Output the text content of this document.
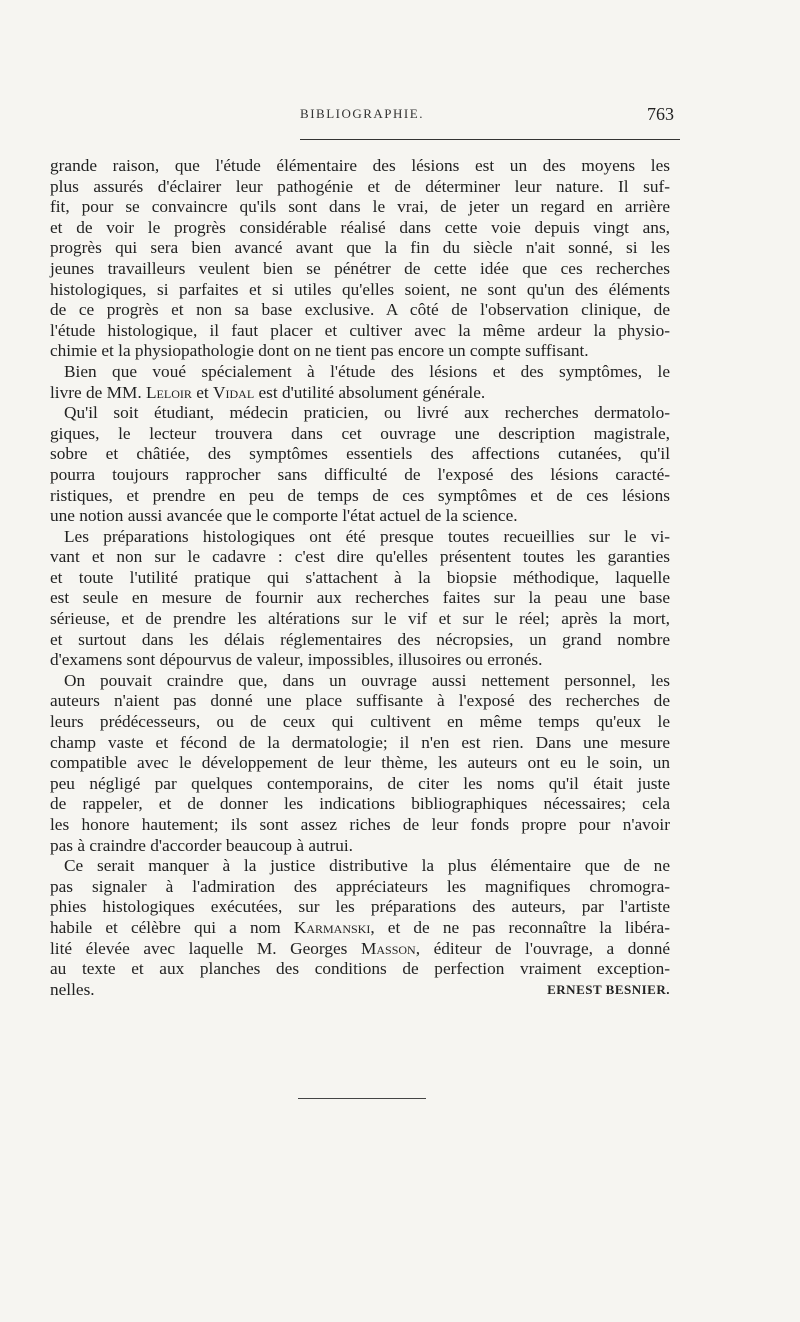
BIBLIOGRAPHIE.	763
grande raison, que l'étude élémentaire des lésions est un des moyens les
plus assurés d'éclairer leur pathogénie et de déterminer leur nature. Il suf-
fit, pour se convaincre qu'ils sont dans le vrai, de jeter un regard en arrière
et de voir le progrès considérable réalisé dans cette voie depuis vingt ans,
progrès qui sera bien avancé avant que la fin du siècle n'ait sonné, si les
jeunes travailleurs veulent bien se pénétrer de cette idée que ces recherches
histologiques, si parfaites et si utiles qu'elles soient, ne sont qu'un des éléments
de ce progrès et non sa base exclusive. A côté de l'observation clinique, de
l'étude histologique, il faut placer et cultiver avec la même ardeur la physio-
chimie et la physiopathologie dont on ne tient pas encore un compte suffisant.
Bien que voué spécialement à l'étude des lésions et des symptômes, le
livre de MM. Leloir et Vidal est d'utilité absolument générale.
Qu'il soit étudiant, médecin praticien, ou livré aux recherches dermatolo-
giques, le lecteur trouvera dans cet ouvrage une description magistrale,
sobre et châtiée, des symptômes essentiels des affections cutanées, qu'il
pourra toujours rapprocher sans difficulté de l'exposé des lésions caracté-
ristiques, et prendre en peu de temps de ces symptômes et de ces lésions
une notion aussi avancée que le comporte l'état actuel de la science.
Les préparations histologiques ont été presque toutes recueillies sur le vi-
vant et non sur le cadavre : c'est dire qu'elles présentent toutes les garanties
et toute l'utilité pratique qui s'attachent à la biopsie méthodique, laquelle
est seule en mesure de fournir aux recherches faites sur la peau une base
sérieuse, et de prendre les altérations sur le vif et sur le réel; après la mort,
et surtout dans les délais réglementaires des nécropsies, un grand nombre
d'examens sont dépourvus de valeur, impossibles, illusoires ou erronés.
On pouvait craindre que, dans un ouvrage aussi nettement personnel, les
auteurs n'aient pas donné une place suffisante à l'exposé des recherches de
leurs prédécesseurs, ou de ceux qui cultivent en même temps qu'eux le
champ vaste et fécond de la dermatologie; il n'en est rien. Dans une mesure
compatible avec le développement de leur thème, les auteurs ont eu le soin, un
peu négligé par quelques contemporains, de citer les noms qu'il était juste
de rappeler, et de donner les indications bibliographiques nécessaires; cela
les honore hautement; ils sont assez riches de leur fonds propre pour n'avoir
pas à craindre d'accorder beaucoup à autrui.
Ce serait manquer à la justice distributive la plus élémentaire que de ne
pas signaler à l'admiration des appréciateurs les magnifiques chromogra-
phies histologiques exécutées, sur les préparations des auteurs, par l'artiste
habile et célèbre qui a nom Karmanski, et de ne pas reconnaître la libéra-
lité élevée avec laquelle M. Georges Masson, éditeur de l'ouvrage, a donné
au texte et aux planches des conditions de perfection vraiment exception-
nelles.	ERNEST BESNIER.
